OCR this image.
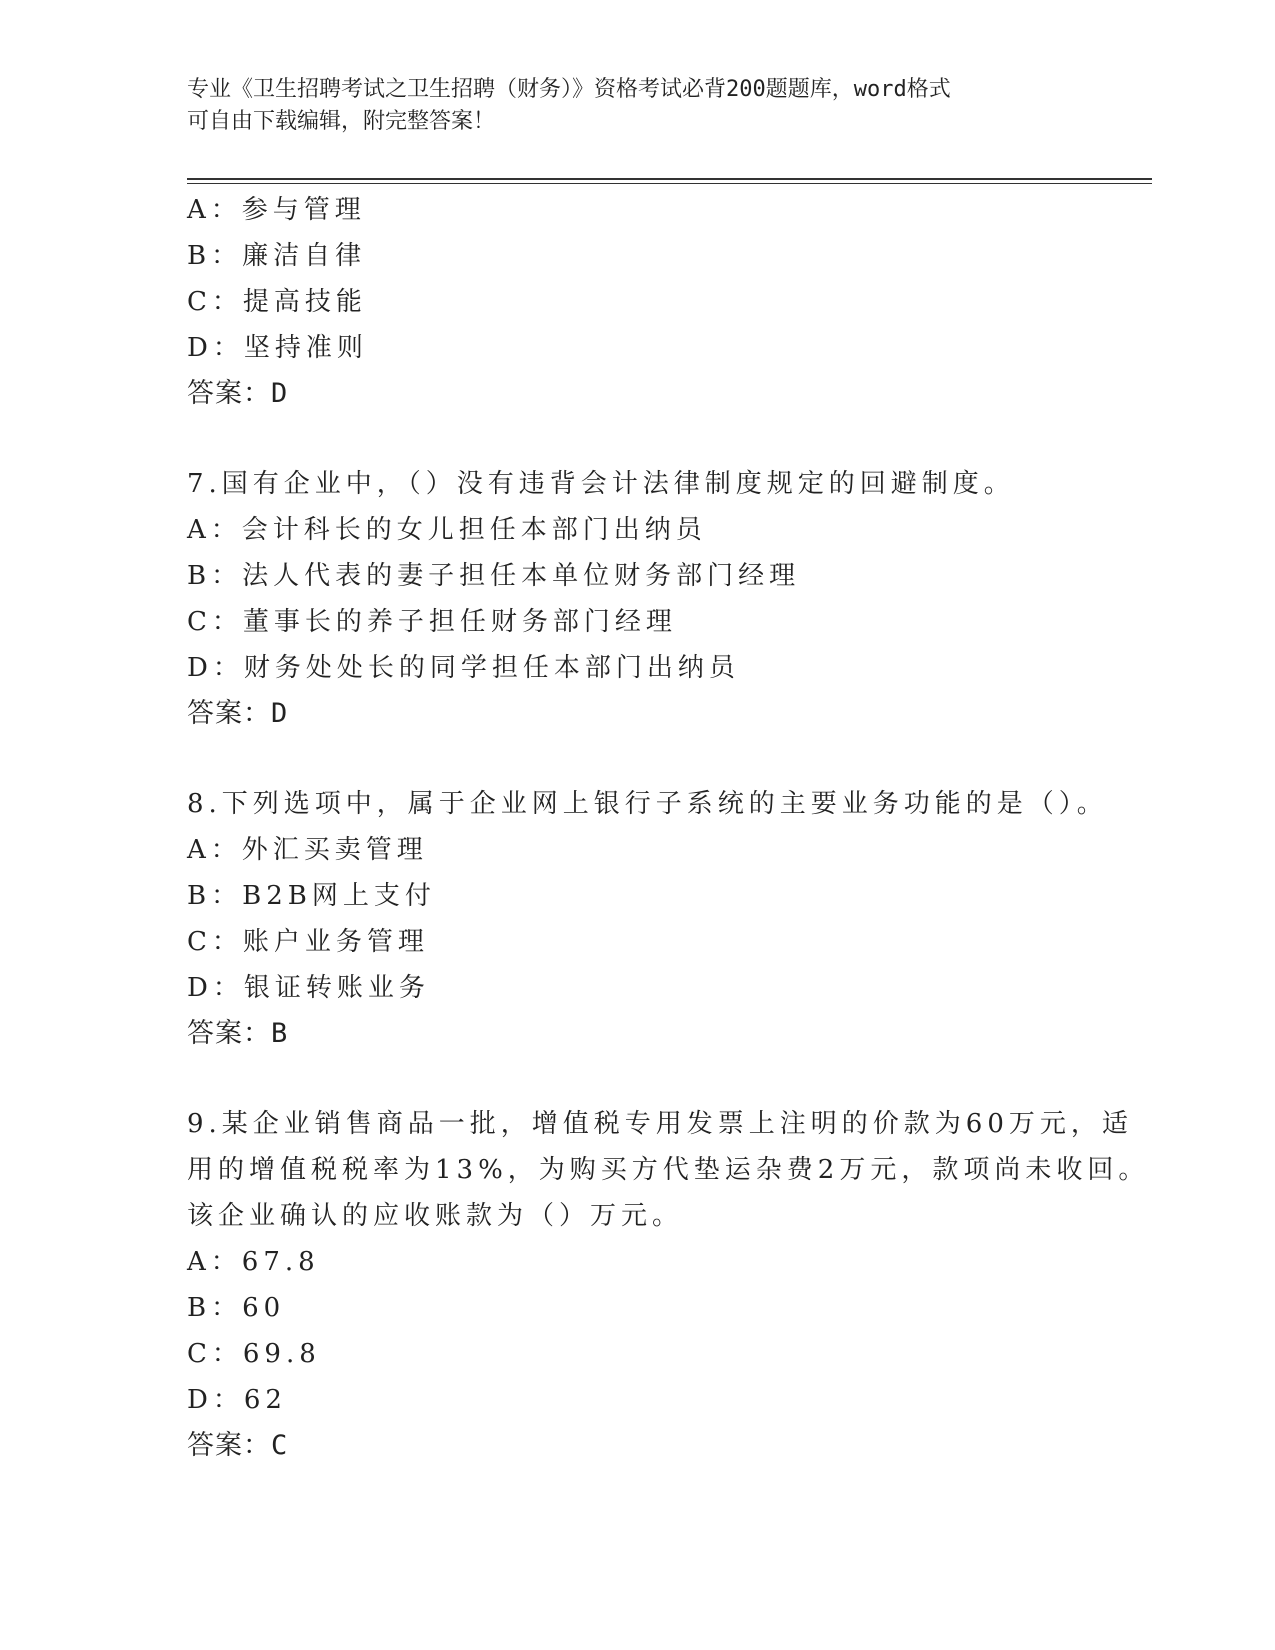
专业《卫生招聘考试之卫生招聘（财务）》资格考试必背200题题库，word格式
可自由下载编辑，附完整答案！
A：参与管理
B：廉洁自律
C：提高技能
D：坚持准则
答案：D
7.国有企业中，（）没有违背会计法律制度规定的回避制度。
A：会计科长的女儿担任本部门出纳员
B：法人代表的妻子担任本单位财务部门经理
C：董事长的养子担任财务部门经理
D：财务处处长的同学担任本部门出纳员
答案：D
8.下列选项中，属于企业网上银行子系统的主要业务功能的是（）。
A：外汇买卖管理
B：B2B网上支付
C：账户业务管理
D：银证转账业务
答案：B
9.某企业销售商品一批，增值税专用发票上注明的价款为60万元，适
用的增值税税率为13%，为购买方代垫运杂费2万元，款项尚未收回。
该企业确认的应收账款为（）万元。
A：67.8
B：60
C：69.8
D：62
答案：C
